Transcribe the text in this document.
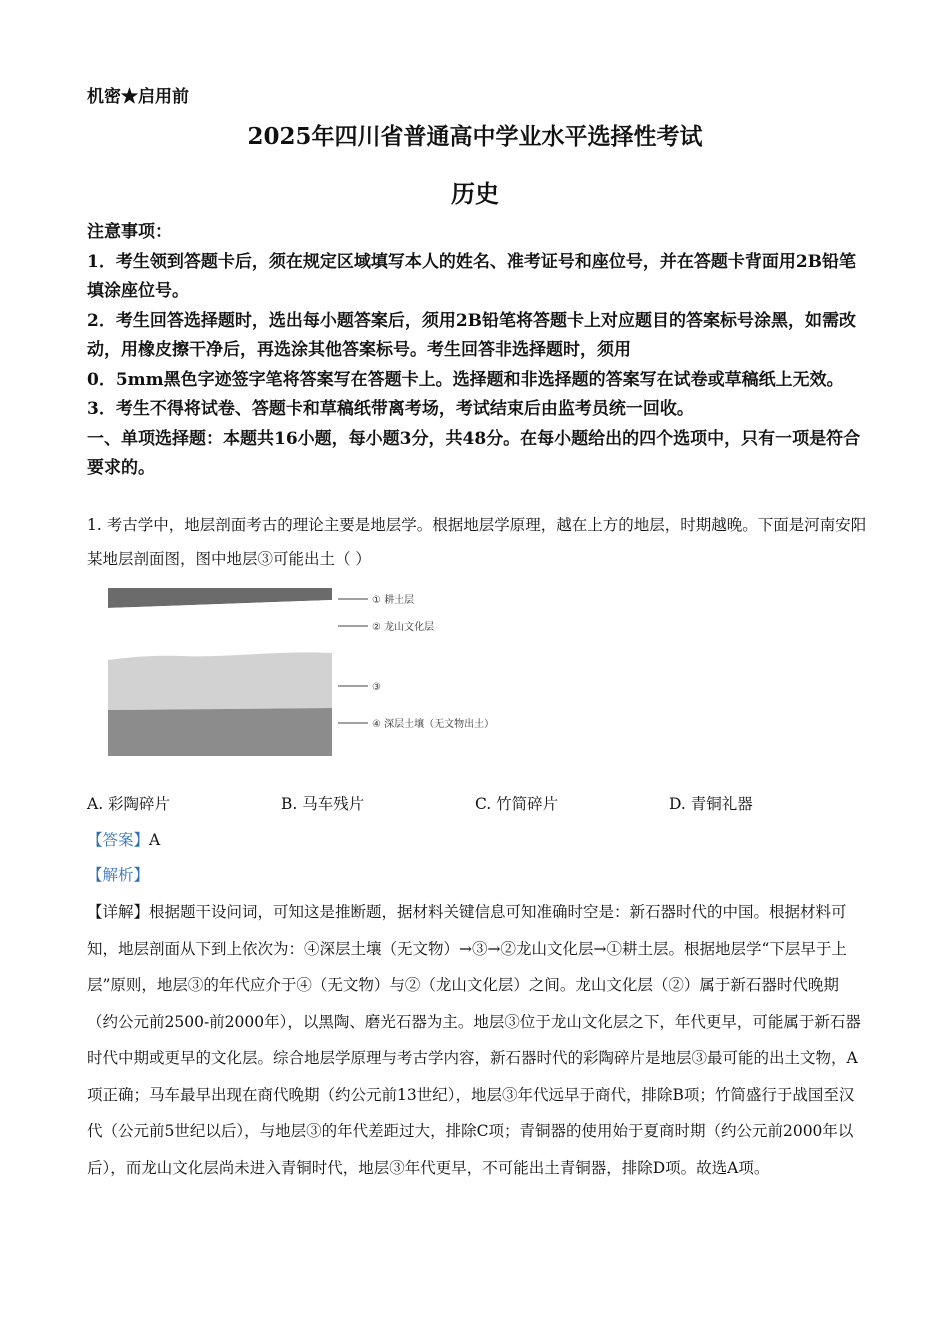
机密★启用前
2025年四川省普通高中学业水平选择性考试
历史

注意事项：

1．考生领到答题卡后，须在规定区域填写本人的姓名、准考证号和座位号，并在答题卡背面用2B铅笔填涂座位号。

2．考生回答选择题时，选出每小题答案后，须用2B铅笔将答题卡上对应题目的答案标号涂黑，如需改动，用橡皮擦干净后，再选涂其他答案标号。考生回答非选择题时，须用

0．5mm黑色字迹签字笔将答案写在答题卡上。选择题和非选择题的答案写在试卷或草稿纸上无效。

3．考生不得将试卷、答题卡和草稿纸带离考场，考试结束后由监考员统一回收。

一、单项选择题：本题共16小题，每小题3分，共48分。在每小题给出的四个选项中，只有一项是符合要求的。

1. 考古学中，地层剖面考古的理论主要是地层学。根据地层学原理，越在上方的地层，时期越晚。下面是河南安阳某地层剖面图，图中地层③可能出土（ ）
① 耕土层
② 龙山文化层
③
④ 深层土壤（无文物出土）
A. 彩陶碎片	B. 马车残片	C. 竹简碎片	D. 青铜礼器
【答案】A
【解析】

【详解】根据题干设问词，可知这是推断题，据材料关键信息可知准确时空是：新石器时代的中国。根据材料可知，地层剖面从下到上依次为：④深层土壤（无文物）→③→②龙山文化层→①耕土层。根据地层学“下层早于上层”原则，地层③的年代应介于④（无文物）与②（龙山文化层）之间。龙山文化层（②）属于新石器时代晚期（约公元前2500-前2000年），以黑陶、磨光石器为主。地层③位于龙山文化层之下，年代更早，可能属于新石器时代中期或更早的文化层。综合地层学原理与考古学内容，新石器时代的彩陶碎片是地层③最可能的出土文物，A项正确；马车最早出现在商代晚期（约公元前13世纪），地层③年代远早于商代，排除B项；竹简盛行于战国至汉代（公元前5世纪以后），与地层③的年代差距过大，排除C项；青铜器的使用始于夏商时期（约公元前2000年以后），而龙山文化层尚未进入青铜时代，地层③年代更早，不可能出土青铜器，排除D项。故选A项。
